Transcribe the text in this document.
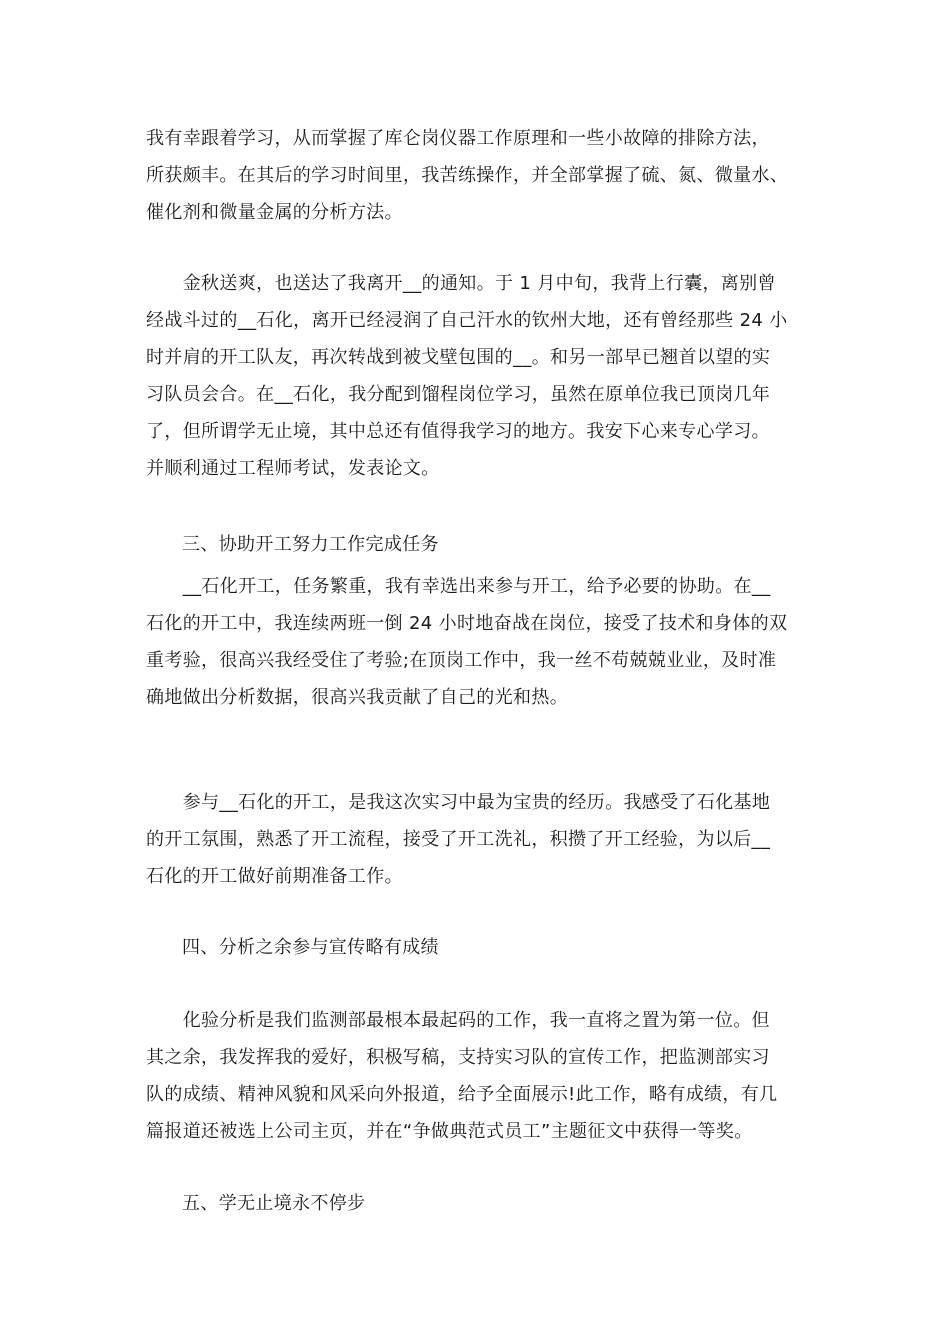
我有幸跟着学习，从而掌握了库仑岗仪器工作原理和一些小故障的排除方法，
所获颇丰。在其后的学习时间里，我苦练操作，并全部掌握了硫、氮、微量水、
催化剂和微量金属的分析方法。
　　金秋送爽，也送达了我离开__的通知。于 1 月中旬，我背上行囊，离别曾
经战斗过的__石化，离开已经浸润了自己汗水的钦州大地，还有曾经那些 24 小
时并肩的开工队友，再次转战到被戈壁包围的__。和另一部早已翘首以望的实
习队员会合。在__石化，我分配到馏程岗位学习，虽然在原单位我已顶岗几年
了，但所谓学无止境，其中总还有值得我学习的地方。我安下心来专心学习。
并顺利通过工程师考试，发表论文。
三、协助开工努力工作完成任务
　　__石化开工，任务繁重，我有幸选出来参与开工，给予必要的协助。在__
石化的开工中，我连续两班一倒 24 小时地奋战在岗位，接受了技术和身体的双
重考验，很高兴我经受住了考验;在顶岗工作中，我一丝不苟兢兢业业，及时准
确地做出分析数据，很高兴我贡献了自己的光和热。
　　参与__石化的开工，是我这次实习中最为宝贵的经历。我感受了石化基地
的开工氛围，熟悉了开工流程，接受了开工洗礼，积攒了开工经验，为以后__
石化的开工做好前期准备工作。
四、分析之余参与宣传略有成绩
　　化验分析是我们监测部最根本最起码的工作，我一直将之置为第一位。但
其之余，我发挥我的爱好，积极写稿，支持实习队的宣传工作，把监测部实习
队的成绩、精神风貌和风采向外报道，给予全面展示!此工作，略有成绩，有几
篇报道还被选上公司主页，并在“争做典范式员工”主题征文中获得一等奖。
五、学无止境永不停步
